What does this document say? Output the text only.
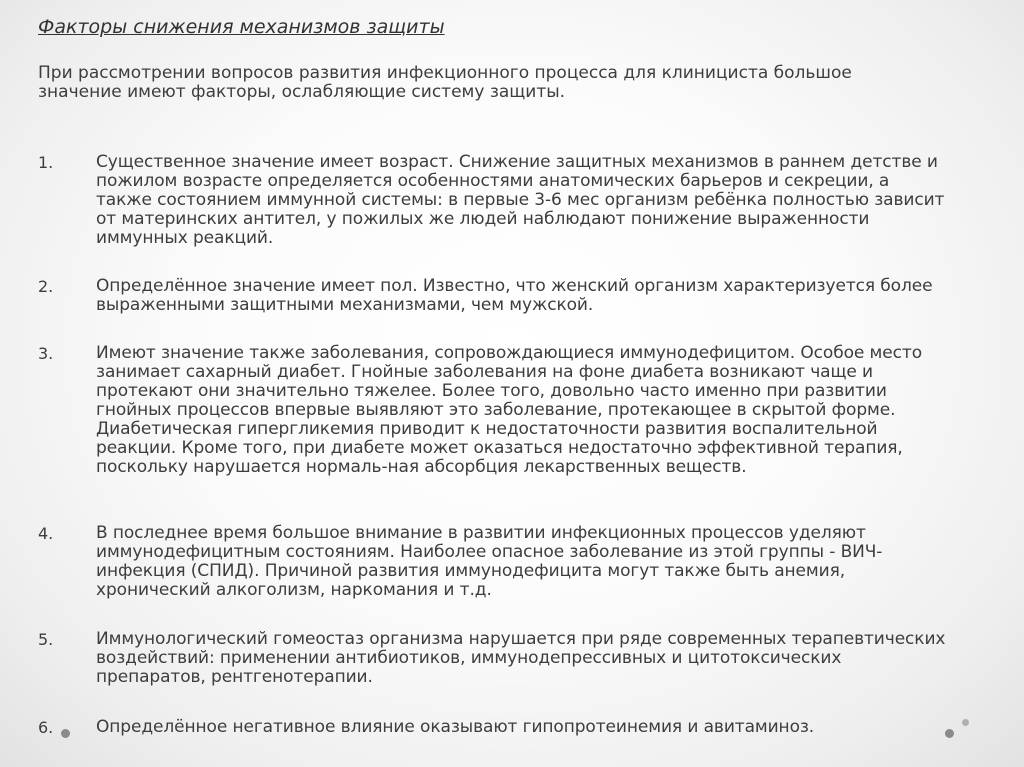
Факторы снижения механизмов защиты
При рассмотрении вопросов развития инфекционного процесса для клинициста большое значение имеют факторы, ослабляющие систему защиты.
1.	Существенное значение имеет возраст. Снижение защитных механизмов в раннем детстве и пожилом возрасте определяется особенностями анатомических барьеров и секреции, а также состоянием иммунной системы: в первые 3-6 мес организм ребёнка полностью зависит от материнских антител, у пожилых же людей наблюдают понижение выраженности иммунных реакций.
2.	Определённое значение имеет пол. Известно, что женский организм характеризуется более выраженными защитными механизмами, чем мужской.
3.	Имеют значение также заболевания, сопровождающиеся иммунодефицитом. Особое место занимает сахарный диабет. Гнойные заболевания на фоне диабета возникают чаще и протекают они значительно тяжелее. Более того, довольно часто именно при развитии гнойных процессов впервые выявляют это заболевание, протекающее в скрытой форме. Диабетическая гипергликемия приводит к недостаточности развития воспалительной реакции. Кроме того, при диабете может оказаться недостаточно эффективной терапия, поскольку нарушается нормаль-ная абсорбция лекарственных веществ.
4.	В последнее время большое внимание в развитии инфекционных процессов уделяют иммунодефицитным состояниям. Наиболее опасное заболевание из этой группы - ВИЧ-инфекция (СПИД). Причиной развития иммунодефицита могут также быть анемия, хронический алкоголизм, наркомания и т.д.
5.	Иммунологический гомеостаз организма нарушается при ряде современных терапевтических воздействий: применении антибиотиков, иммунодепрессивных и цитотоксических препаратов, рентгенотерапии.
6.	Определённое негативное влияние оказывают гипопротеинемия и авитаминоз.
